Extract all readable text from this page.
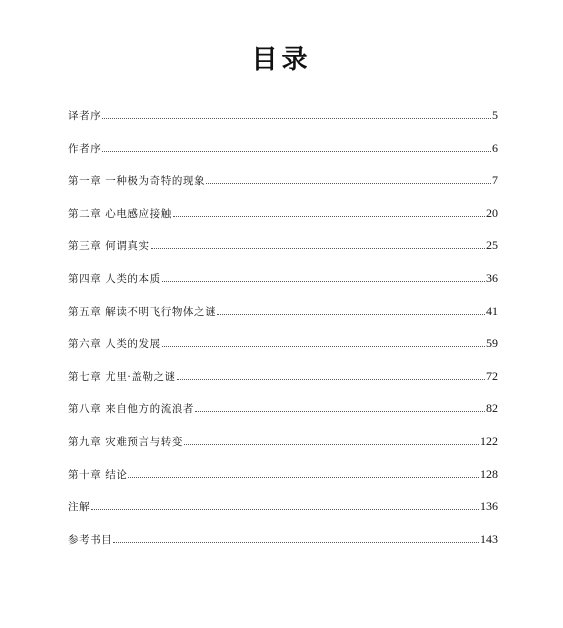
目录
译者序	5
作者序	6
第一章 一种极为奇特的现象	7
第二章 心电感应接触	20
第三章 何谓真实	25
第四章 人类的本质	36
第五章 解读不明飞行物体之谜	41
第六章 人类的发展	59
第七章 尤里·盖勒之谜	72
第八章 来自他方的流浪者	82
第九章 灾难预言与转变	122
第十章 结论	128
注解	136
参考书目	143
